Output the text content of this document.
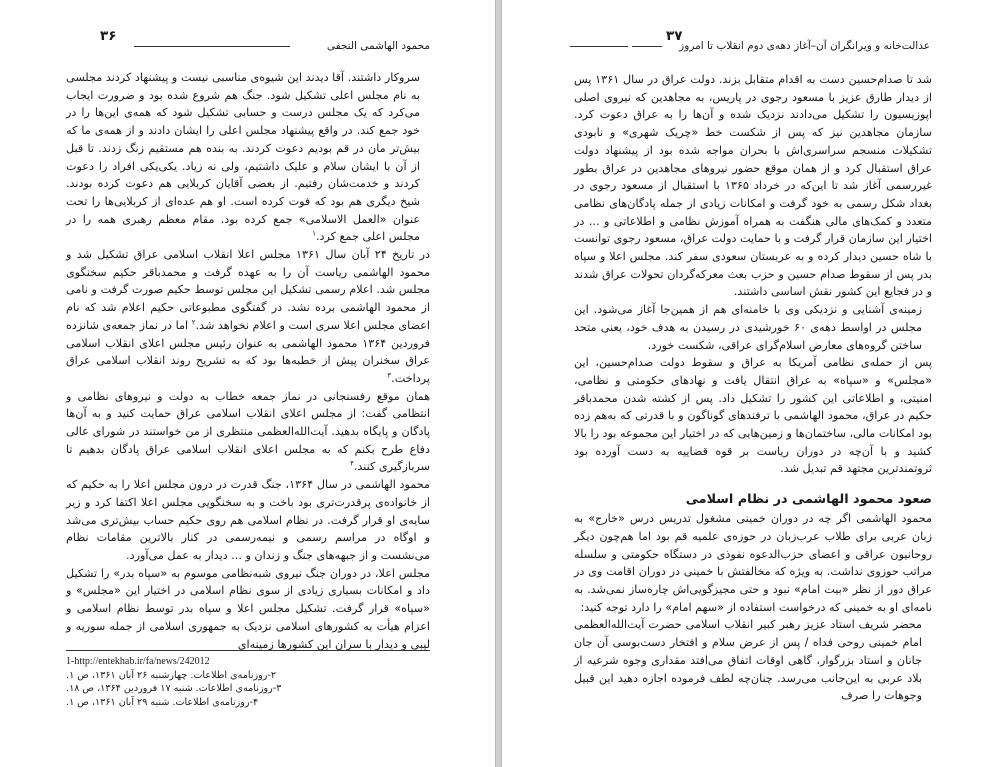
محمود الهاشمی النجفی
۳۶

سروکار داشتند. آقا دیدند این شیوه‌ی مناسبی نیست و پیشنهاد کردند مجلسی به نام مجلس اعلی تشکیل شود. جنگ هم شروع شده بود و ضرورت ایجاب می‌کرد که یک مجلس درست و حسابی تشکیل شود که همه‌ی این‌ها را در خود جمع کند. در واقع پیشنهاد مجلس اعلی را ایشان دادند و از همه‌ی ما که بیش‌تر مان در قم بودیم دعوت کردند. به بنده هم مستقیم زنگ زدند. تا قبل از آن با ایشان سلام و علیک داشتیم، ولی نه زیاد. یکی‌یکی افراد را دعوت کردند و خدمت‌شان رفتیم. از بعضی آقایان کربلایی هم دعوت کرده بودند. شیخ دیگری هم بود که فوت کرده است. او هم عده‌ای از کربلایی‌ها را تحت عنوان «العمل الاسلامی» جمع کرده بود. مقام معظم رهبری همه را در مجلس اعلی جمع کرد.$^۱$

در تاریخ ۲۴ آبان سال ۱۳۶۱ مجلس اعلا انقلاب اسلامی عراق تشکیل شد و محمود الهاشمی ریاست آن را به عهده گرفت و محمدباقر حکیم سخنگوی مجلس شد. اعلام رسمی تشکیل این مجلس توسط حکیم صورت گرفت و نامی از محمود الهاشمی برده نشد. در گفتگوی مطبوعاتی حکیم اعلام شد که نام اعضای مجلس اعلا سری است و اعلام نخواهد شد.$^۲$ اما در نماز جمعه‌ی شانزده فروردین ۱۳۶۴ محمود الهاشمی به عنوان رئیس مجلس اعلای انقلاب اسلامی عراق سخنران پیش از خطبه‌ها بود که به تشریح روند انقلاب اسلامی عراق پرداخت.$^۳$

همان موقع رفسنجانی در نماز جمعه خطاب به دولت و نیروهای نظامی و انتظامی گفت: از مجلس اعلای انقلاب اسلامی عراق حمایت کنید و به آن‌ها پادگان و پایگاه بدهید. آیت‌الله‌العظمی منتظری از من خواستند در شورای عالی دفاع طرح بکنم که به مجلس اعلای انقلاب اسلامی عراق پادگان بدهیم تا سرباز‌گیری کنند.$^۴$

محمود الهاشمی در سال ۱۳۶۴، جنگ قدرت در درون مجلس اعلا را به حکیم که از خانواده‌ی پرقدرت‌تری بود باخت و به سخنگویی مجلس اعلا اکتفا کرد و زیر سایه‌ی او قرار گرفت. در نظام اسلامی هم روی حکیم حساب بیش‌تری می‌شد و او‌گاه در مراسم رسمی و نیمه‌رسمی در کنار بالاترین مقامات نظام می‌نشست و از جبهه‌های جنگ و زندان و ... دیدار به عمل می‌آورد.

مجلس اعلا، در دوران جنگ نیروی شبه‌نظامی موسوم به «سپاه بدر» را تشکیل داد و امکانات بسیاری زیادی از سوی نظام اسلامی در اختیار این «مجلس» و «سپاه» قرار گرفت. تشکیل مجلس اعلا و سپاه بدر توسط نظام اسلامی و اعزام هیأت به کشورهای اسلامی نزدیک به جمهوری اسلامی از جمله سوریه و لیبی و دیدار با سران این کشورها زمینه‌ای

1-http://entekhab.ir/fa/news/242012
۲-روزنامه‌ی اطلاعات. چهارشنبه ۲۶ آبان ۱۳۶۱، ص ۱.
۳-روزنامه‌ی اطلاعات. شنبه ۱۷ فروردین ۱۳۶۴، ص ۱۸.
۴-روزنامه‌ی اطلاعات. شنبه ۲۹ آبان ۱۳۶۱، ص ۱.
عدالت‌خانه و ویرانگران آن–آغاز دهه‌ی دوم انقلاب تا امروز
۳۷

شد تا صدام‌حسین دست به اقدام متقابل بزند. دولت عراق در سال ۱۳۶۱ پس از دیدار طارق عزیز با مسعود رجوی در پاریس، به مجاهدین که نیروی اصلی اپوزیسیون را تشکیل می‌دادند نزدیک شده و آن‌ها را به عراق دعوت کرد. سازمان مجاهدین نیز که پس از شکست خط «چریک شهری» و نابودی تشکیلات منسجم سراسری‌اش با بحران مواجه شده بود از پیشنهاد دولت عراق استقبال کرد و از همان موقع حضور نیروهای مجاهدین در عراق بطور غیررسمی آغاز شد تا این‌که در خرداد ۱۳۶۵ با استقبال از مسعود رجوی در بغداد شکل رسمی به خود گرفت و امکانات زیادی از جمله پادگان‌های نظامی متعدد و کمک‌های مالی هنگفت به همراه آموزش نظامی و اطلاعاتی و ... در اختیار این سازمان قرار گرفت و با حمایت دولت عراق، مسعود رجوی توانست با شاه حسین دیدار کرده و به عربستان سعودی سفر کند. مجلس اعلا و سپاه بدر پس از سقوط صدام حسین و حزب بعث معرکه‌گردان تحولات عراق شدند و در فجایع این کشور نقش اساسی داشتند.

زمینه‌ی آشنایی و نزدیکی وی با خامنه‌ای هم از همین‌جا آغاز می‌شود. این مجلس در اواسط دهه‌ی ۶۰ خورشیدی در رسیدن به هدف خود، یعنی متحد ساختن گروه‌های معارض اسلام‌گرای عراقی، شکست خورد.

پس از حمله‌ی نظامی آمریکا به عراق و سقوط دولت صدام‌حسین، این «مجلس» و «سپاه» به عراق انتقال یافت و نهادهای حکومتی و نظامی، امنیتی، و اطلاعاتی این کشور را تشکیل داد. پس از کشته شدن محمدباقر حکیم در عراق، محمود الهاشمی با ترفندهای گوناگون و با قدرتی که به‌هم زده بود امکانات مالی، ساختمان‌ها و زمین‌هایی که در اختیار این مجموعه بود را بالا کشید و با آن‌چه در دوران ریاست بر قوه قضاییه به دست آورده بود ثروتمندترین مجتهد قم تبدیل شد.

صعود محمود الهاشمی در نظام اسلامی

محمود الهاشمی اگر چه در دوران خمینی مشغول تدریس درس «خارج» به زبان عربی برای طلاب عرب‌زبان در حوزه‌ی علمیه قم بود اما هم‌چون دیگر روحانیون عراقی و اعضای حزب‌الدعوه نفوذی در دستگاه حکومتی و سلسله مراتب حوزوی نداشت. به ویژه که مخالفتش با خمینی در دوران اقامت وی در عراق دور از نظر «بیت امام» نبود و حتی مجیزگویی‌اش چاره‌ساز نمی‌شد. به نامه‌ای او به خمینی که درخواست استفاده از «سهم امام» را دارد توجه کنید:

محضر شریف استاد عزیز رهبر کبیر انقلاب اسلامی حضرت آیت‌الله‌العظمی امام خمینی روحی فداه / پس از عرض سلام و افتخار دست‌بوسی آن جان جانان و استاد بزرگوار، گاهی اوقات اتفاق می‌افتد مقداری وجوه شرعیه از بلاد عربی به این‌جانب می‌رسد. چنان‌چه لطف فرموده اجازه دهید این قبیل وجوهات را صرف
